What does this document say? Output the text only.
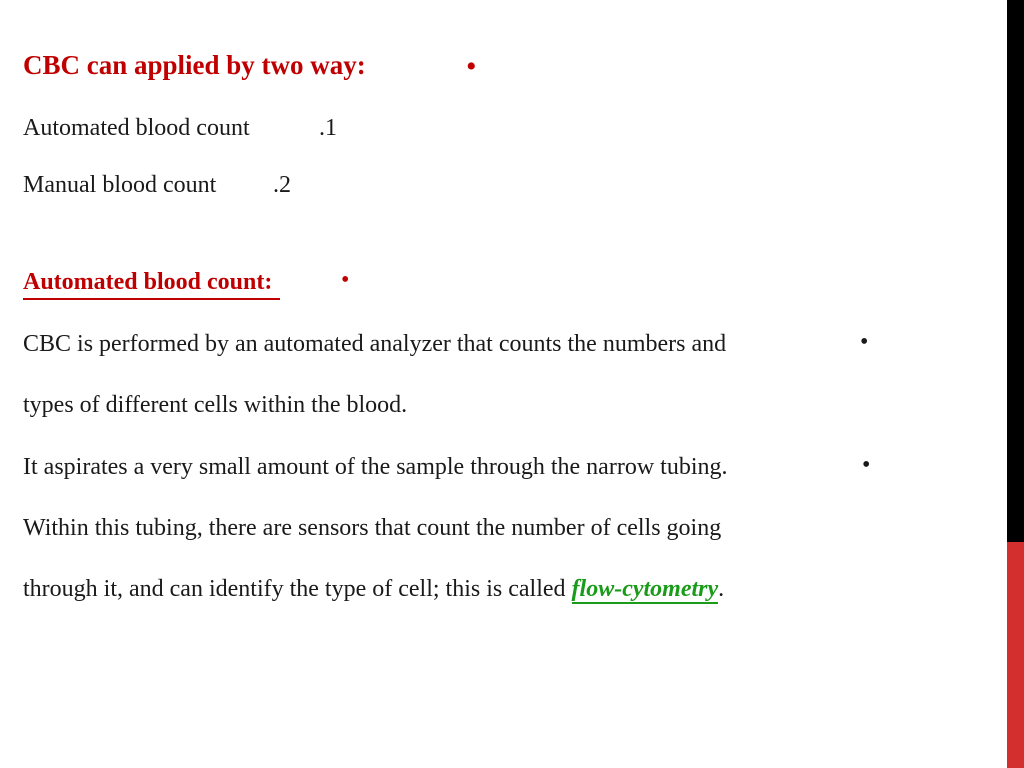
CBC can applied by two way:	•
Automated blood count	.1
Manual blood count .2
Automated blood count:	•
CBC is performed by an automated analyzer that counts the numbers and	•
types of different cells within the blood.
It aspirates a very small amount of the sample through the narrow tubing.	•
Within this tubing, there are sensors that count the number of cells going
through it, and can identify the type of cell; this is called flow-cytometry.
